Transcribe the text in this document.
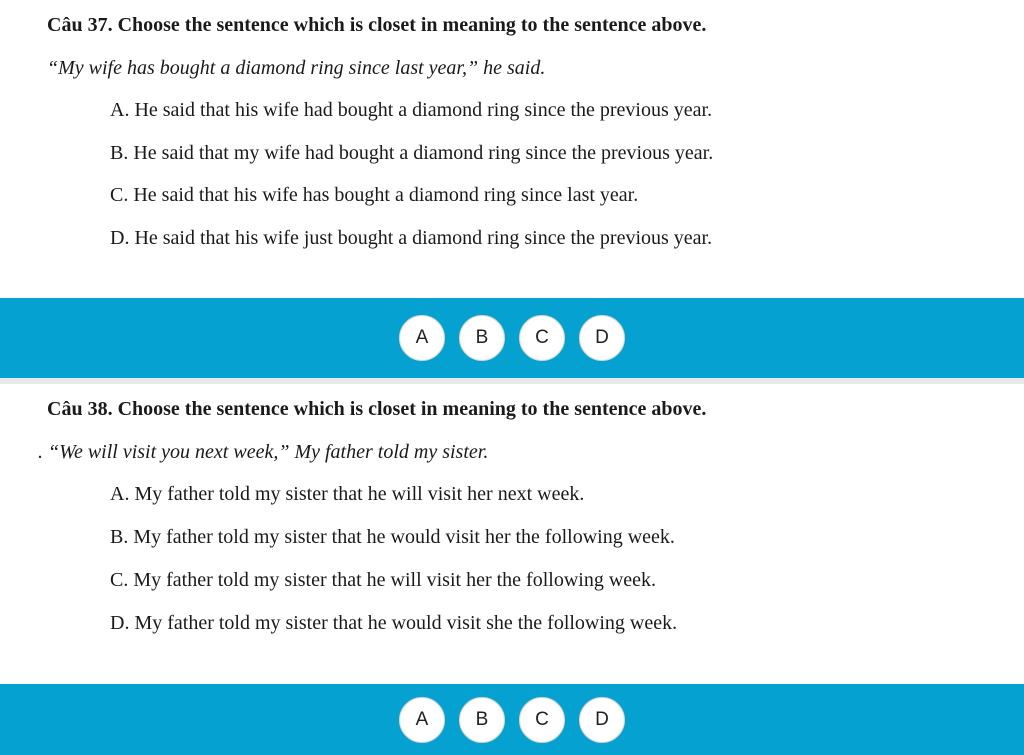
Câu 37. Choose the sentence which is closet in meaning to the sentence above.
“My wife has bought a diamond ring since last year,” he said.
A. He said that his wife had bought a diamond ring since the previous year.
B. He said that my wife had bought a diamond ring since the previous year.
C. He said that his wife has bought a diamond ring since last year.
D. He said that his wife just bought a diamond ring since the previous year.
A	B	C	D
Câu 38. Choose the sentence which is closet in meaning to the sentence above.
. “We will visit you next week,” My father told my sister.
A. My father told my sister that he will visit her next week.
B. My father told my sister that he would visit her the following week.
C. My father told my sister that he will visit her the following week.
D. My father told my sister that he would visit she the following week.
A	B	C	D
